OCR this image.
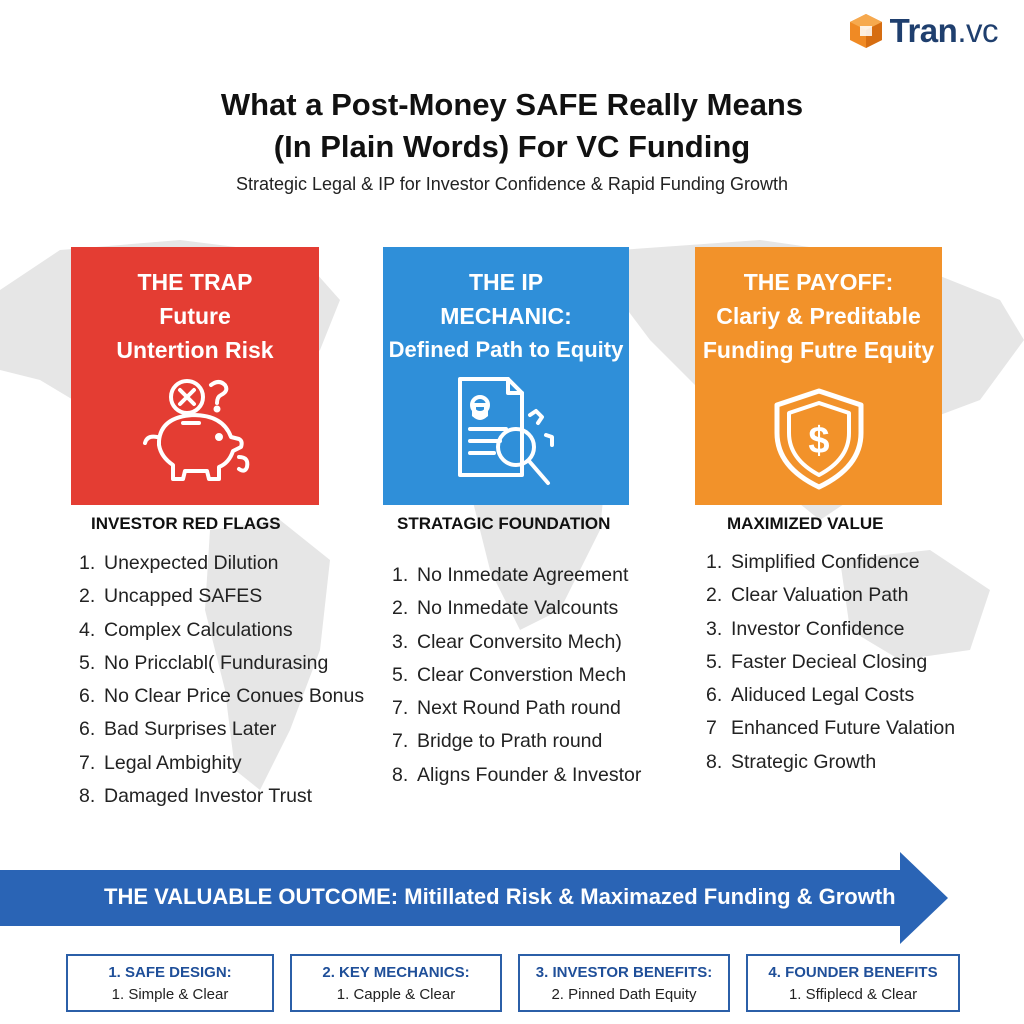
Tran.vc
What a Post-Money SAFE Really Means
(In Plain Words) For VC Funding
Strategic Legal & IP for Investor Confidence & Rapid Funding Growth
THE TRAP
Future
Untertion Risk
THE IP
MECHANIC:
Defined Path to Equity
THE PAYOFF:
Clariy & Preditable
Funding Futre Equity
$
INVESTOR RED FLAGS	STRATAGIC FOUNDATION	MAXIMIZED VALUE
1. Unexpected Dilution
2. Uncapped SAFES
4. Complex Calculations
5. No Pricclabl( Fundurasing
6. No Clear Price Conues Bonus
6. Bad Surprises Later
7. Legal Ambighity
8. Damaged Investor Trust
1. No Inmedate Agreement
2. No Inmedate Valcounts
3. Clear Conversito Mech)
5. Clear Converstion Mech
7. Next Round Path round
7. Bridge to Prath round
8. Aligns Founder & Investor
1. Simplified Confidence
2. Clear Valuation Path
3. Investor Confidence
5. Faster Decieal Closing
6. Aliduced Legal Costs
7 Enhanced Future Valation
8. Strategic Growth
THE VALUABLE OUTCOME: Mitillated Risk & Maximazed Funding & Growth
1. SAFE DESIGN:
1. Simple & Clear
2. KEY MECHANICS:
1. Capple & Clear
3. INVESTOR BENEFITS:
2. Pinned Dath Equity
4. FOUNDER BENEFITS
1. Sffiplecd & Clear
